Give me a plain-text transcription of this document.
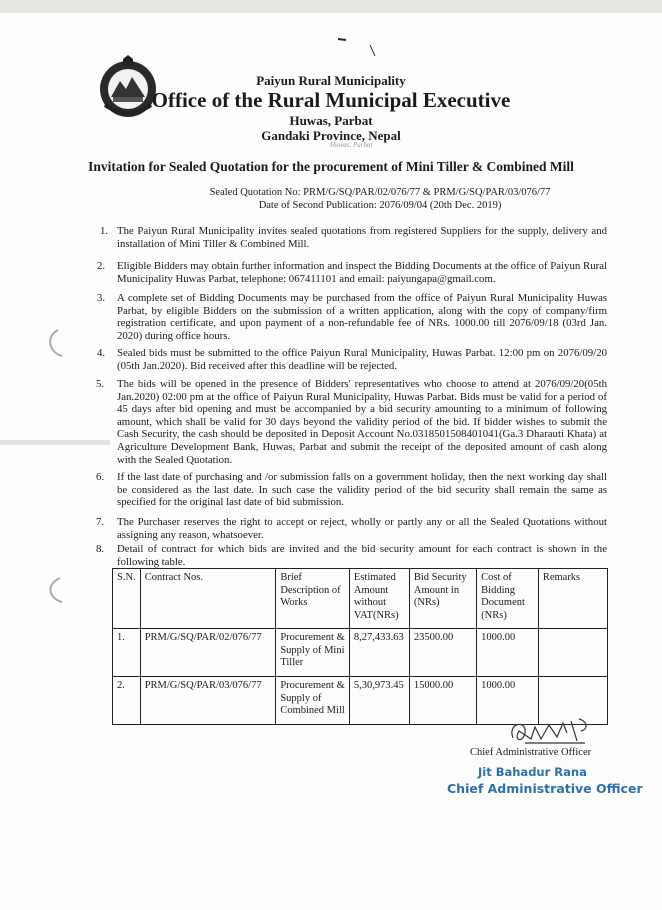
Paiyun Rural Municipality
Office of the Rural Municipal Executive
Huwas, Parbat
Gandaki Province, Nepal
Huwas, Parbat
Invitation for Sealed Quotation for the procurement of Mini Tiller & Combined Mill
Sealed Quotation No: PRM/G/SQ/PAR/02/076/77 & PRM/G/SQ/PAR/03/076/77
Date of Second Publication: 2076/09/04 (20th Dec. 2019)
1. The Paiyun Rural Municipality invites sealed quotations from registered Suppliers for the supply, delivery and installation of Mini Tiller & Combined Mill.
2. Eligible Bidders may obtain further information and inspect the Bidding Documents at the office of Paiyun Rural Municipality Huwas Parbat, telephone: 067411101 and email: paiyungapa@gmail.com.
3. A complete set of Bidding Documents may be purchased from the office of Paiyun Rural Municipality Huwas Parbat, by eligible Bidders on the submission of a written application, along with the copy of company/firm registration certificate, and upon payment of a non-refundable fee of NRs. 1000.00 till 2076/09/18 (03rd Jan. 2020) during office hours.
4. Sealed bids must be submitted to the office Paiyun Rural Municipality, Huwas Parbat. 12:00 pm on 2076/09/20 (05th Jan.2020). Bid received after this deadline will be rejected.
5. The bids will be opened in the presence of Bidders' representatives who choose to attend at 2076/09/20(05th Jan.2020) 02:00 pm at the office of Paiyun Rural Municipality, Huwas Parbat. Bids must be valid for a period of 45 days after bid opening and must be accompanied by a bid security amounting to a minimum of following amount, which shall be valid for 30 days beyond the validity period of the bid. If bidder wishes to submit the Cash Security, the cash should be deposited in Deposit Account No.0318501508401041(Ga.3 Dharauti Khata) at Agriculture Development Bank, Huwas, Parbat and submit the receipt of the deposited amount of cash along with the Sealed Quotation.
6. If the last date of purchasing and /or submission falls on a government holiday, then the next working day shall be considered as the last date. In such case the validity period of the bid security shall remain the same as specified for the original last date of bid submission.
7. The Purchaser reserves the right to accept or reject, wholly or partly any or all the Sealed Quotations without assigning any reason, whatsoever.
8. Detail of contract for which bids are invited and the bid security amount for each contract is shown in the following table.
S.N.	Contract Nos.	Brief Description of Works	Estimated Amount without VAT(NRs)	Bid Security Amount in (NRs)	Cost of Bidding Document (NRs)	Remarks
1.	PRM/G/SQ/PAR/02/076/77	Procurement & Supply of Mini Tiller	8,27,433.63	23500.00	1000.00	
2.	PRM/G/SQ/PAR/03/076/77	Procurement & Supply of Combined Mill	5,30,973.45	15000.00	1000.00	
Chief Administrative Officer
Jit Bahadur Rana
Chief Administrative Officer
